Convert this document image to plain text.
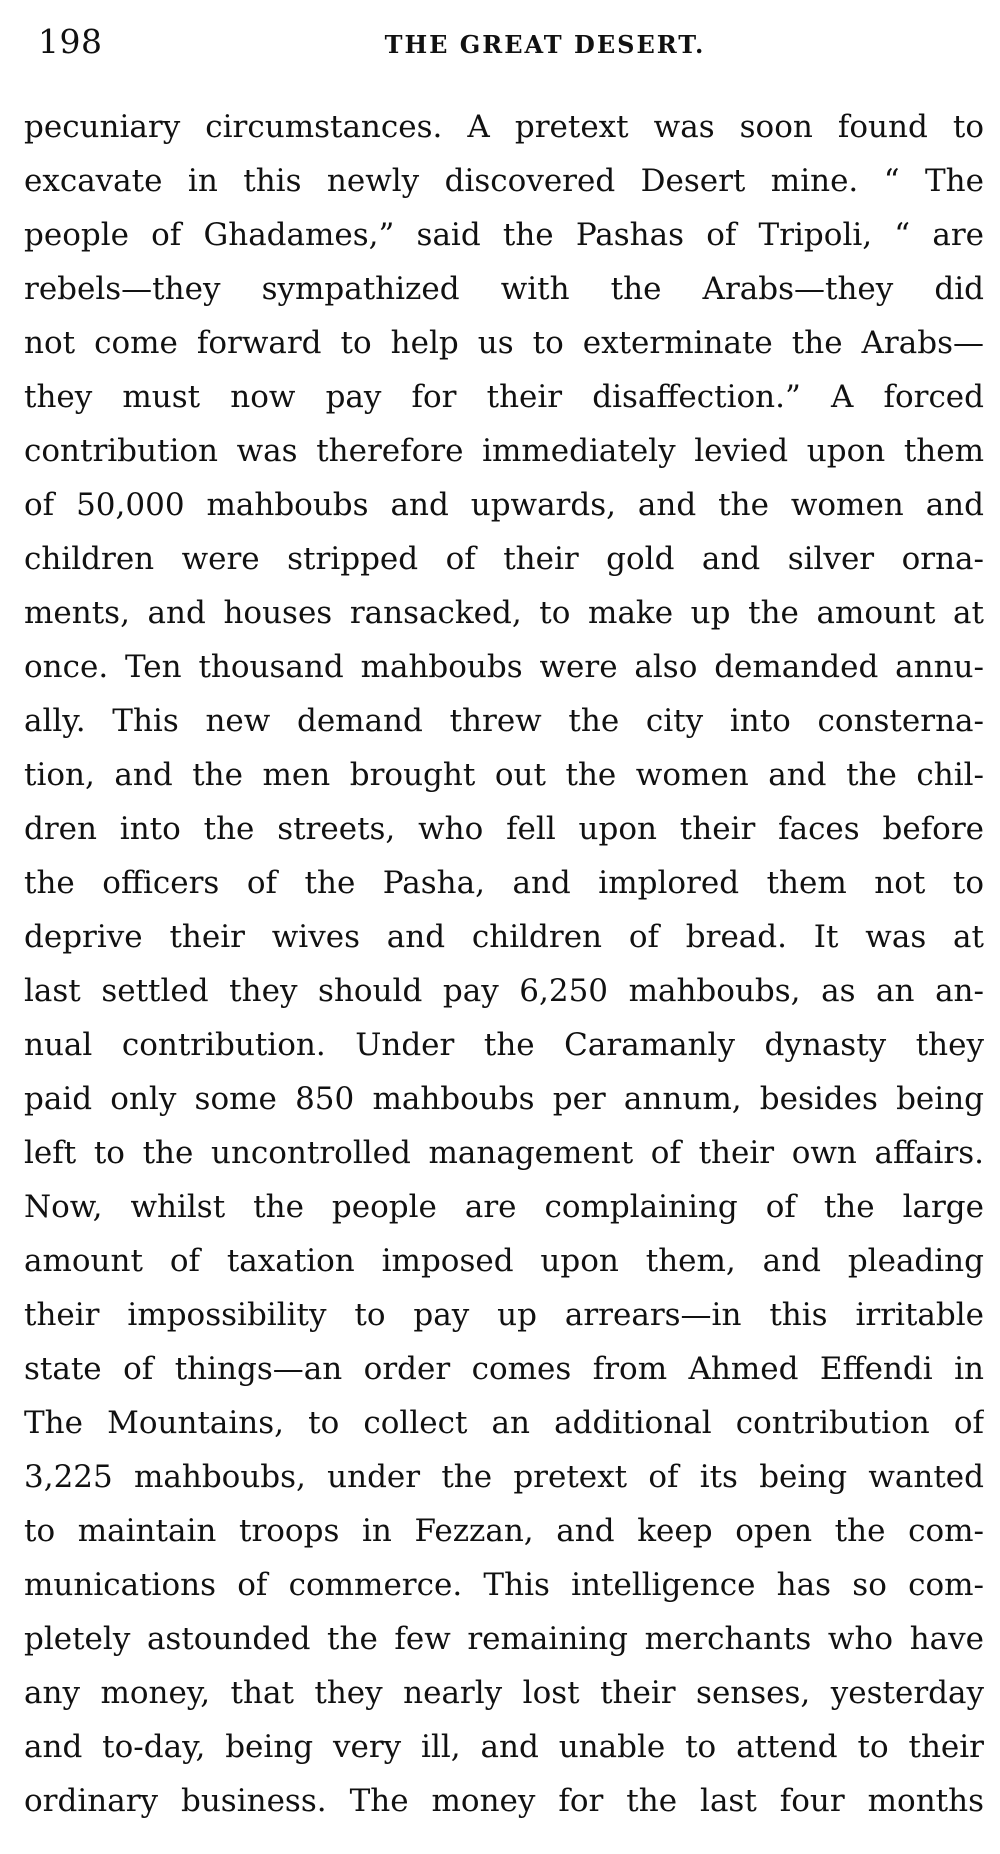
198	THE GREAT DESERT.
pecuniary circumstances. A pretext was soon found to
excavate in this newly discovered Desert mine. “ The
people of Ghadames,” said the Pashas of Tripoli, “ are
rebels—they sympathized with the Arabs—they did
not come forward to help us to exterminate the Arabs—
they must now pay for their disaffection.” A forced
contribution was therefore immediately levied upon them
of 50,000 mahboubs and upwards, and the women and
children were stripped of their gold and silver orna-
ments, and houses ransacked, to make up the amount at
once. Ten thousand mahboubs were also demanded annu-
ally. This new demand threw the city into consterna-
tion, and the men brought out the women and the chil-
dren into the streets, who fell upon their faces before
the officers of the Pasha, and implored them not to
deprive their wives and children of bread. It was at
last settled they should pay 6,250 mahboubs, as an an-
nual contribution. Under the Caramanly dynasty they
paid only some 850 mahboubs per annum, besides being
left to the uncontrolled management of their own affairs.
Now, whilst the people are complaining of the large
amount of taxation imposed upon them, and pleading
their impossibility to pay up arrears—in this irritable
state of things—an order comes from Ahmed Effendi in
The Mountains, to collect an additional contribution of
3,225 mahboubs, under the pretext of its being wanted
to maintain troops in Fezzan, and keep open the com-
munications of commerce. This intelligence has so com-
pletely astounded the few remaining merchants who have
any money, that they nearly lost their senses, yesterday
and to-day, being very ill, and unable to attend to their
ordinary business. The money for the last four months
